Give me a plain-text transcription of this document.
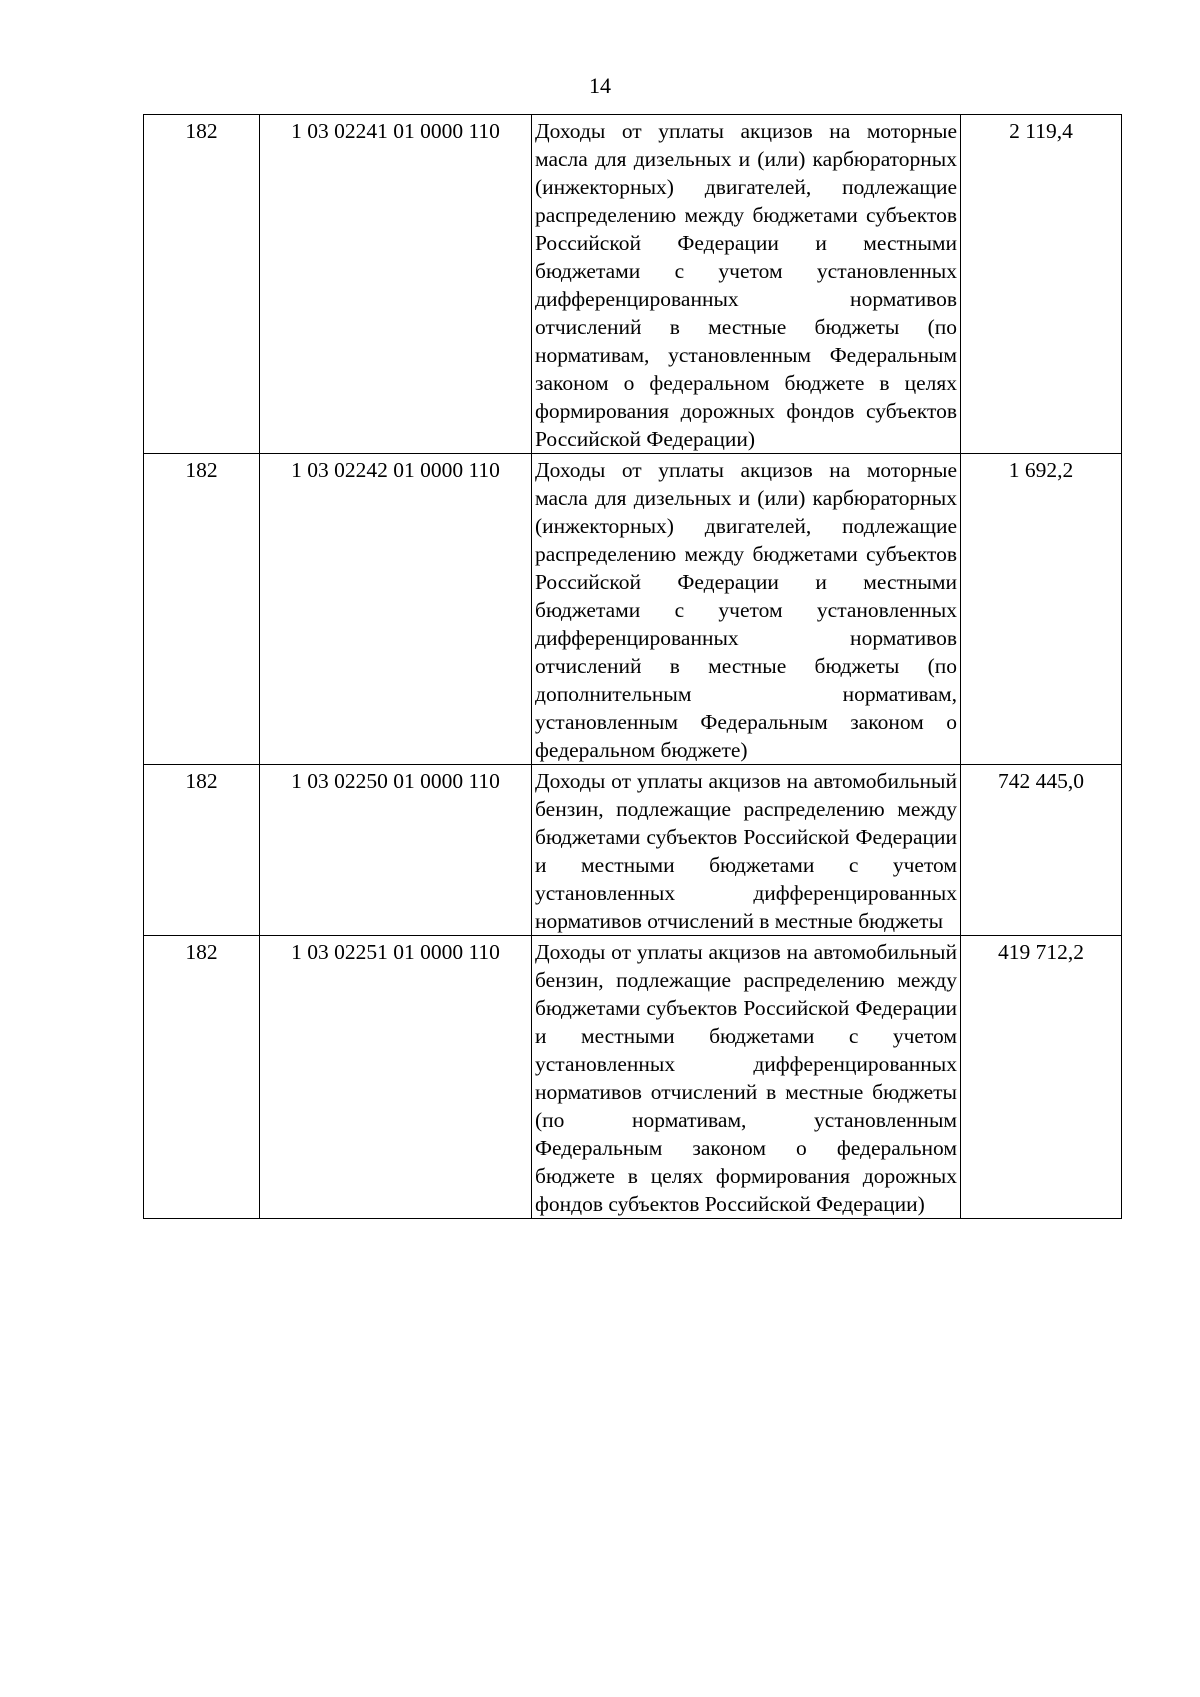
14
182	1 03 02241 01 0000 110	Доходы от уплаты акцизов на моторные масла для дизельных и (или) карбюраторных (инжекторных) двигателей, подлежащие распределению между бюджетами субъектов Российской Федерации и местными бюджетами с учетом установленных дифференцированных нормативов отчислений в местные бюджеты (по нормативам, установленным Федеральным законом о федеральном бюджете в целях формирования дорожных фондов субъектов Российской Федерации)	2 119,4
182	1 03 02242 01 0000 110	Доходы от уплаты акцизов на моторные масла для дизельных и (или) карбюраторных (инжекторных) двигателей, подлежащие распределению между бюджетами субъектов Российской Федерации и местными бюджетами с учетом установленных дифференцированных нормативов отчислений в местные бюджеты (по дополнительным нормативам, установленным Федеральным законом о федеральном бюджете)	1 692,2
182	1 03 02250 01 0000 110	Доходы от уплаты акцизов на автомобильный бензин, подлежащие распределению между бюджетами субъектов Российской Федерации и местными бюджетами с учетом установленных дифференцированных нормативов отчислений в местные бюджеты	742 445,0
182	1 03 02251 01 0000 110	Доходы от уплаты акцизов на автомобильный бензин, подлежащие распределению между бюджетами субъектов Российской Федерации и местными бюджетами с учетом установленных дифференцированных нормативов отчислений в местные бюджеты (по нормативам, установленным Федеральным законом о федеральном бюджете в целях формирования дорожных фондов субъектов Российской Федерации)	419 712,2
